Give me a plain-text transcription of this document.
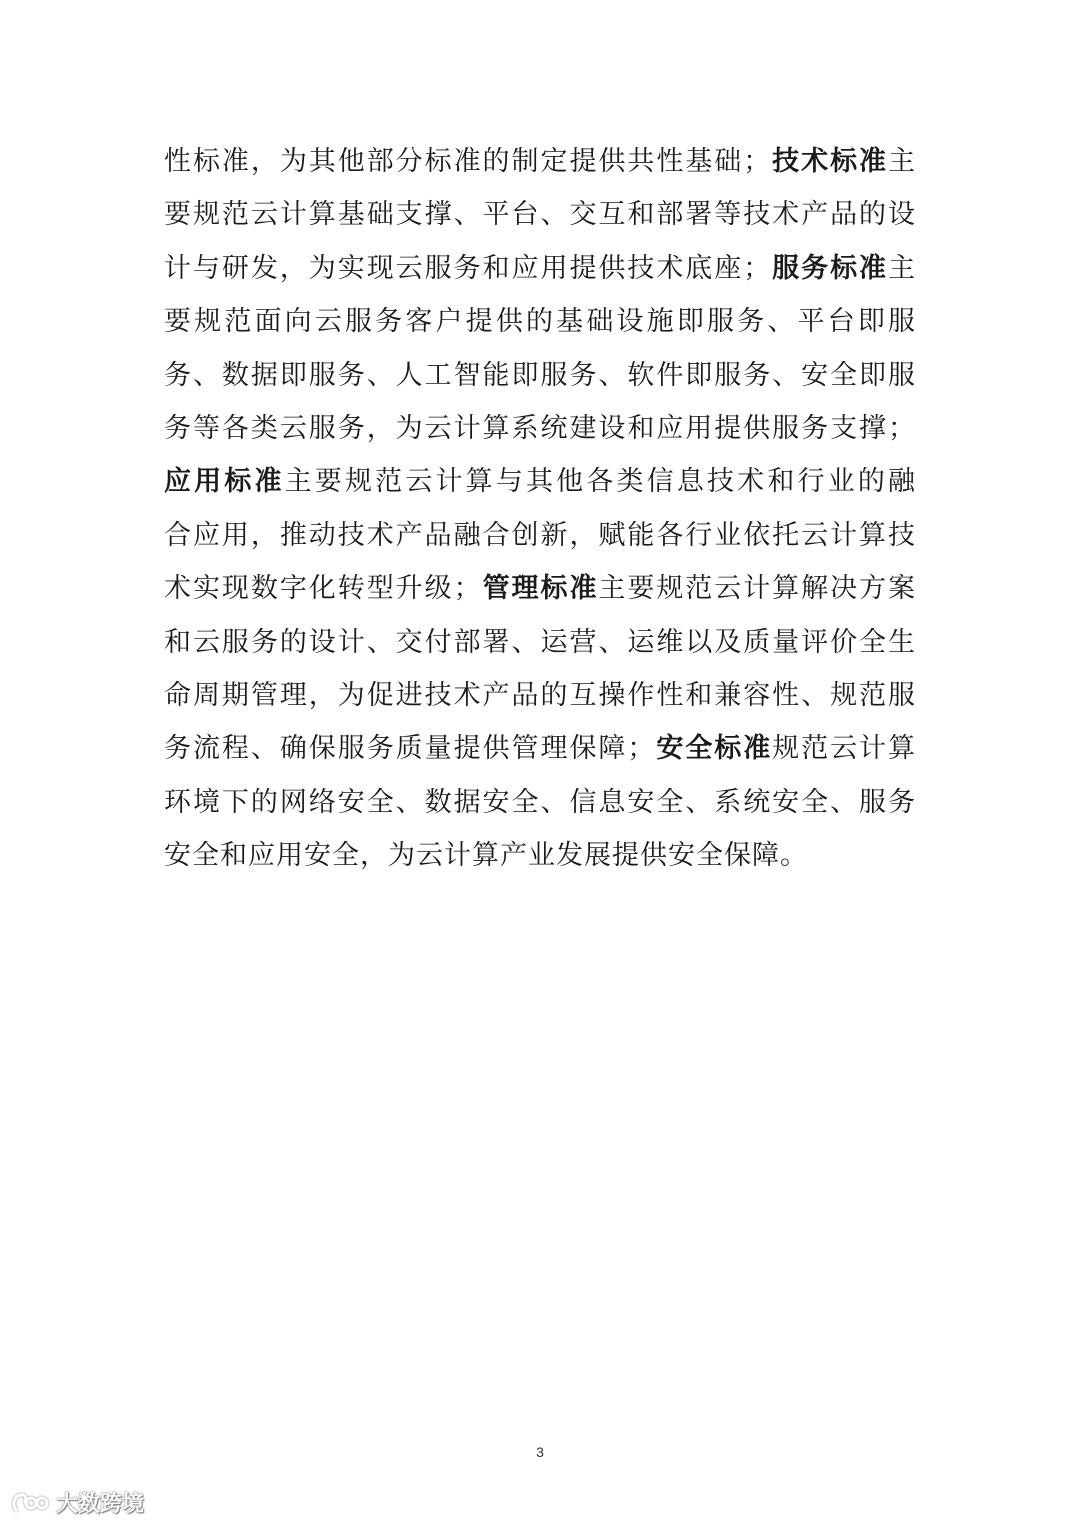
性标准，为其他部分标准的制定提供共性基础；技术标准主
要规范云计算基础支撑、平台、交互和部署等技术产品的设
计与研发，为实现云服务和应用提供技术底座；服务标准主
要规范面向云服务客户提供的基础设施即服务、平台即服
务、数据即服务、人工智能即服务、软件即服务、安全即服
务等各类云服务，为云计算系统建设和应用提供服务支撑；
应用标准主要规范云计算与其他各类信息技术和行业的融
合应用，推动技术产品融合创新，赋能各行业依托云计算技
术实现数字化转型升级；管理标准主要规范云计算解决方案
和云服务的设计、交付部署、运营、运维以及质量评价全生
命周期管理，为促进技术产品的互操作性和兼容性、规范服
务流程、确保服务质量提供管理保障；安全标准规范云计算
环境下的网络安全、数据安全、信息安全、系统安全、服务
安全和应用安全，为云计算产业发展提供安全保障。
3
大数跨境
